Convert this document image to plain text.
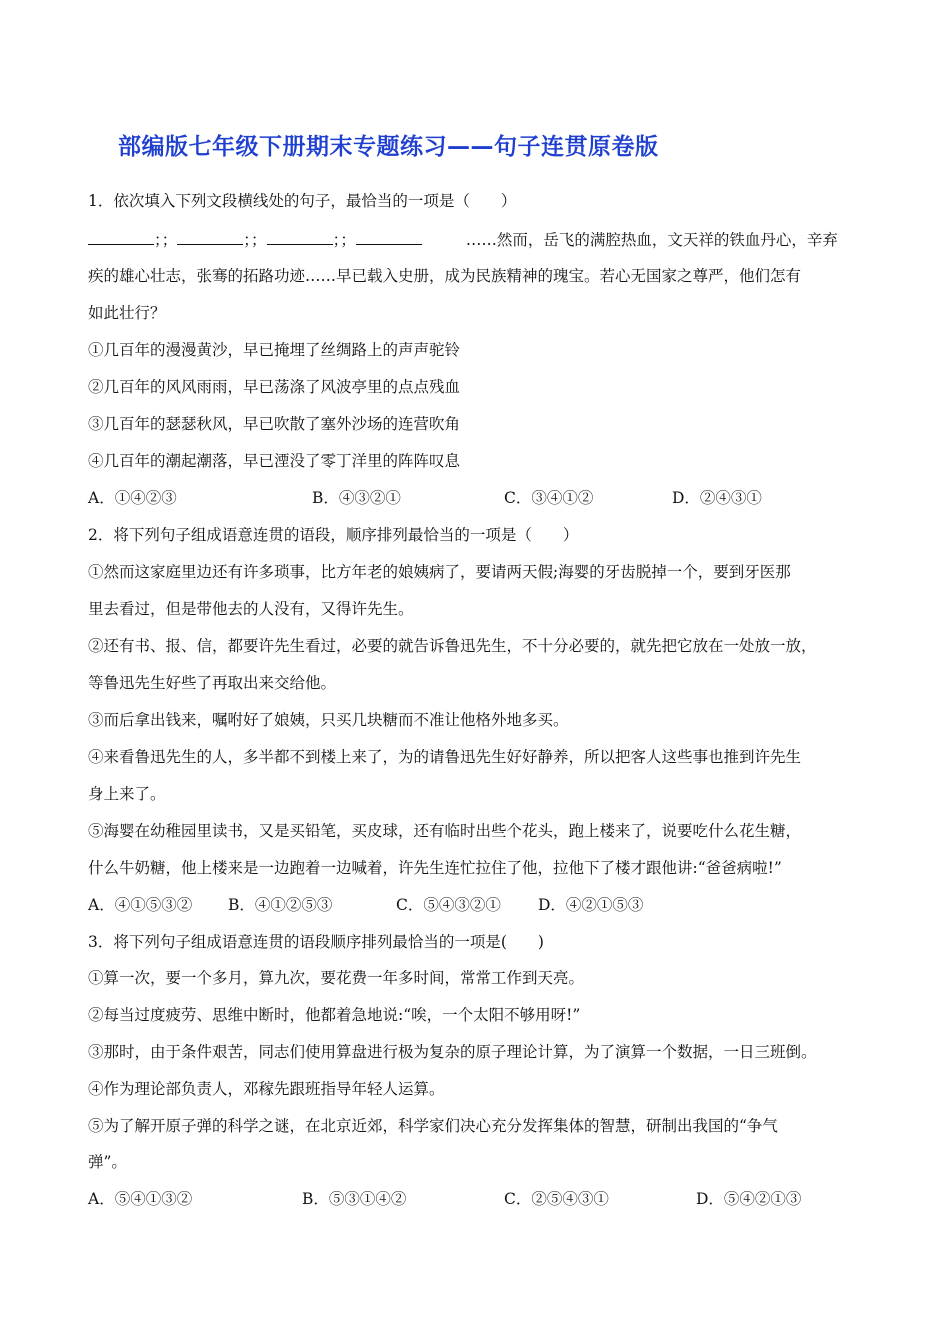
部编版七年级下册期末专题练习——句子连贯原卷版
1．依次填入下列文段横线处的句子，最恰当的一项是（　　）
；；	；；	；；	……然而，岳飞的满腔热血，文天祥的铁血丹心，辛弃
疾的雄心壮志，张骞的拓路功迹……早已载入史册，成为民族精神的瑰宝。若心无国家之尊严，他们怎有
如此壮行？
①几百年的漫漫黄沙，早已掩埋了丝绸路上的声声驼铃
②几百年的风风雨雨，早已荡涤了风波亭里的点点残血
③几百年的瑟瑟秋风，早已吹散了塞外沙场的连营吹角
④几百年的潮起潮落，早已湮没了零丁洋里的阵阵叹息
A．①④②③	B．④③②①	C．③④①②	D．②④③①
2．将下列句子组成语意连贯的语段，顺序排列最恰当的一项是（　　）
①然而这家庭里边还有许多琐事，比方年老的娘姨病了，要请两天假;海婴的牙齿脱掉一个，要到牙医那
里去看过，但是带他去的人没有，又得许先生。
②还有书、报、信，都要许先生看过，必要的就告诉鲁迅先生，不十分必要的，就先把它放在一处放一放，
等鲁迅先生好些了再取出来交给他。
③而后拿出钱来，嘱咐好了娘姨，只买几块糖而不准让他格外地多买。
④来看鲁迅先生的人，多半都不到楼上来了，为的请鲁迅先生好好静养，所以把客人这些事也推到许先生
身上来了。
⑤海婴在幼稚园里读书，又是买铅笔，买皮球，还有临时出些个花头，跑上楼来了，说要吃什么花生糖，
什么牛奶糖，他上楼来是一边跑着一边喊着，许先生连忙拉住了他，拉他下了楼才跟他讲:“爸爸病啦!”
A．④①⑤③② B．④①②⑤③	C．⑤④③②① D．④②①⑤③
3．将下列句子组成语意连贯的语段顺序排列最恰当的一项是(　　)
①算一次，要一个多月，算九次，要花费一年多时间，常常工作到天亮。
②每当过度疲劳、思维中断时，他都着急地说:“唉，一个太阳不够用呀!”
③那时，由于条件艰苦，同志们使用算盘进行极为复杂的原子理论计算，为了演算一个数据，一日三班倒。
④作为理论部负责人，邓稼先跟班指导年轻人运算。
⑤为了解开原子弹的科学之谜，在北京近郊，科学家们决心充分发挥集体的智慧，研制出我国的“争气
弹”。
A．⑤④①③②	B．⑤③①④②	C．②⑤④③①	D．⑤④②①③
